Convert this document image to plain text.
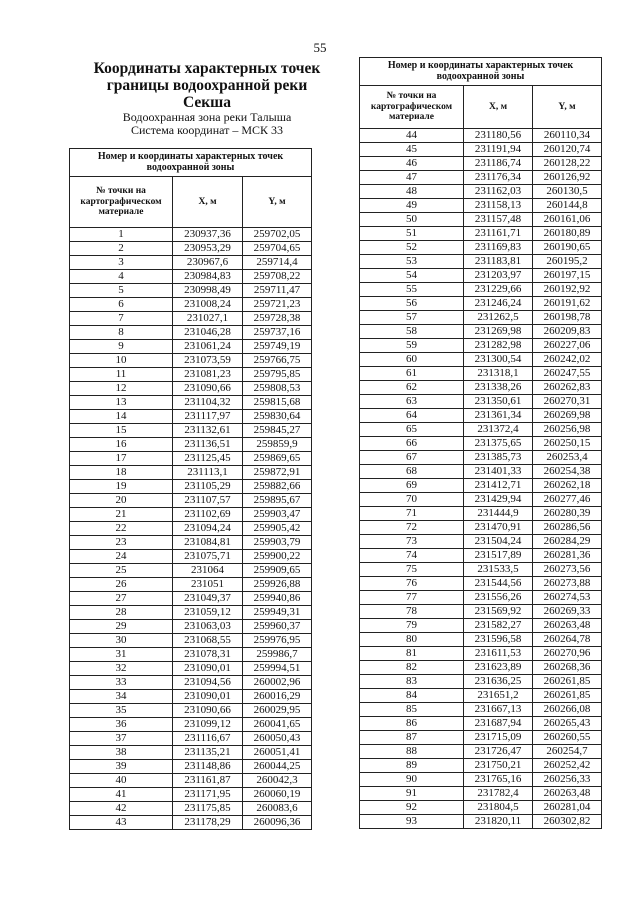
55
Координаты характерных точек
границы водоохранной реки
Секша
Водоохранная зона реки Талыша
Система координат – МСК 33
Номер и координаты характерных точек водоохранной зоны		
№ точки на картографическом материале	X, м	Y, м
1	230937,36	259702,05
2	230953,29	259704,65
3	230967,6	259714,4
4	230984,83	259708,22
5	230998,49	259711,47
6	231008,24	259721,23
7	231027,1	259728,38
8	231046,28	259737,16
9	231061,24	259749,19
10	231073,59	259766,75
11	231081,23	259795,85
12	231090,66	259808,53
13	231104,32	259815,68
14	231117,97	259830,64
15	231132,61	259845,27
16	231136,51	259859,9
17	231125,45	259869,65
18	231113,1	259872,91
19	231105,29	259882,66
20	231107,57	259895,67
21	231102,69	259903,47
22	231094,24	259905,42
23	231084,81	259903,79
24	231075,71	259900,22
25	231064	259909,65
26	231051	259926,88
27	231049,37	259940,86
28	231059,12	259949,31
29	231063,03	259960,37
30	231068,55	259976,95
31	231078,31	259986,7
32	231090,01	259994,51
33	231094,56	260002,96
34	231090,01	260016,29
35	231090,66	260029,95
36	231099,12	260041,65
37	231116,67	260050,43
38	231135,21	260051,41
39	231148,86	260044,25
40	231161,87	260042,3
41	231171,95	260060,19
42	231175,85	260083,6
43	231178,29	260096,36
Номер и координаты характерных точек водоохранной зоны		
№ точки на картографическом материале	X, м	Y, м
44	231180,56	260110,34
45	231191,94	260120,74
46	231186,74	260128,22
47	231176,34	260126,92
48	231162,03	260130,5
49	231158,13	260144,8
50	231157,48	260161,06
51	231161,71	260180,89
52	231169,83	260190,65
53	231183,81	260195,2
54	231203,97	260197,15
55	231229,66	260192,92
56	231246,24	260191,62
57	231262,5	260198,78
58	231269,98	260209,83
59	231282,98	260227,06
60	231300,54	260242,02
61	231318,1	260247,55
62	231338,26	260262,83
63	231350,61	260270,31
64	231361,34	260269,98
65	231372,4	260256,98
66	231375,65	260250,15
67	231385,73	260253,4
68	231401,33	260254,38
69	231412,71	260262,18
70	231429,94	260277,46
71	231444,9	260280,39
72	231470,91	260286,56
73	231504,24	260284,29
74	231517,89	260281,36
75	231533,5	260273,56
76	231544,56	260273,88
77	231556,26	260274,53
78	231569,92	260269,33
79	231582,27	260263,48
80	231596,58	260264,78
81	231611,53	260270,96
82	231623,89	260268,36
83	231636,25	260261,85
84	231651,2	260261,85
85	231667,13	260266,08
86	231687,94	260265,43
87	231715,09	260260,55
88	231726,47	260254,7
89	231750,21	260252,42
90	231765,16	260256,33
91	231782,4	260263,48
92	231804,5	260281,04
93	231820,11	260302,82
